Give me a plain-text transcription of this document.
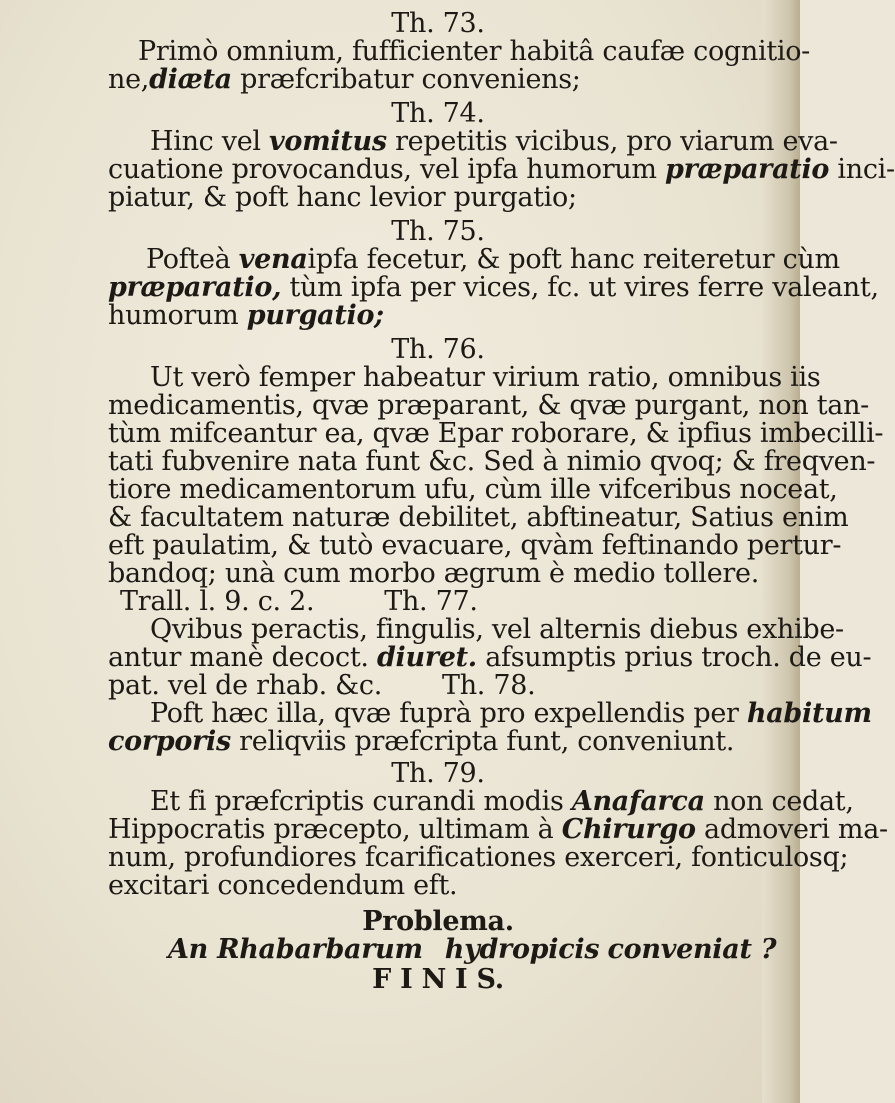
Th. 73.
Primò omnium, fufficienter habitâ caufæ cognitio-
ne,diæta præfcribatur conveniens;
Th. 74.
Hinc vel vomitus repetitis vicibus, pro viarum eva-
cuatione provocandus, vel ipfa humorum præparatio inci-
piatur, & poft hanc levior purgatio;
Th. 75.
Pofteà venaipfa fecetur, & poft hanc reiteretur cùm
præparatio, tùm ipfa per vices, fc. ut vires ferre valeant,
humorum purgatio;
Th. 76.
Ut verò femper habeatur virium ratio, omnibus iis
medicamentis, qvæ præparant, & qvæ purgant, non tan-
tùm mifceantur ea, qvæ Epar roborare, & ipfius imbecilli-
tati fubvenire nata funt &c. Sed à nimio qvoq; & freqven-
tiore medicamentorum ufu, cùm ille vifceribus noceat,
& facultatem naturæ debilitet, abftineatur, Satius enim
eft paulatim, & tutò evacuare, qvàm feftinando pertur-
bandoq; unà cum morbo ægrum è medio tollere.
Trall. l. 9. c. 2.	Th. 77.
Qvibus peractis, fingulis, vel alternis diebus exhibe-
antur manè decoct. diuret. afsumptis prius troch. de eu-
pat. vel de rhab. &c. Th. 78.
Poft hæc illa, qvæ fuprà pro expellendis per habitum
corporis reliqviis præfcripta funt, conveniunt.
Th. 79.
Et fi præfcriptis curandi modis Anafarca non cedat,
Hippocratis præcepto, ultimam à Chirurgo admoveri ma-
num, profundiores fcarificationes exerceri, fonticulosq;
excitari concedendum eft.
Problema.
An Rhabarbarum hydropicis conveniat ?
F I N I S.
